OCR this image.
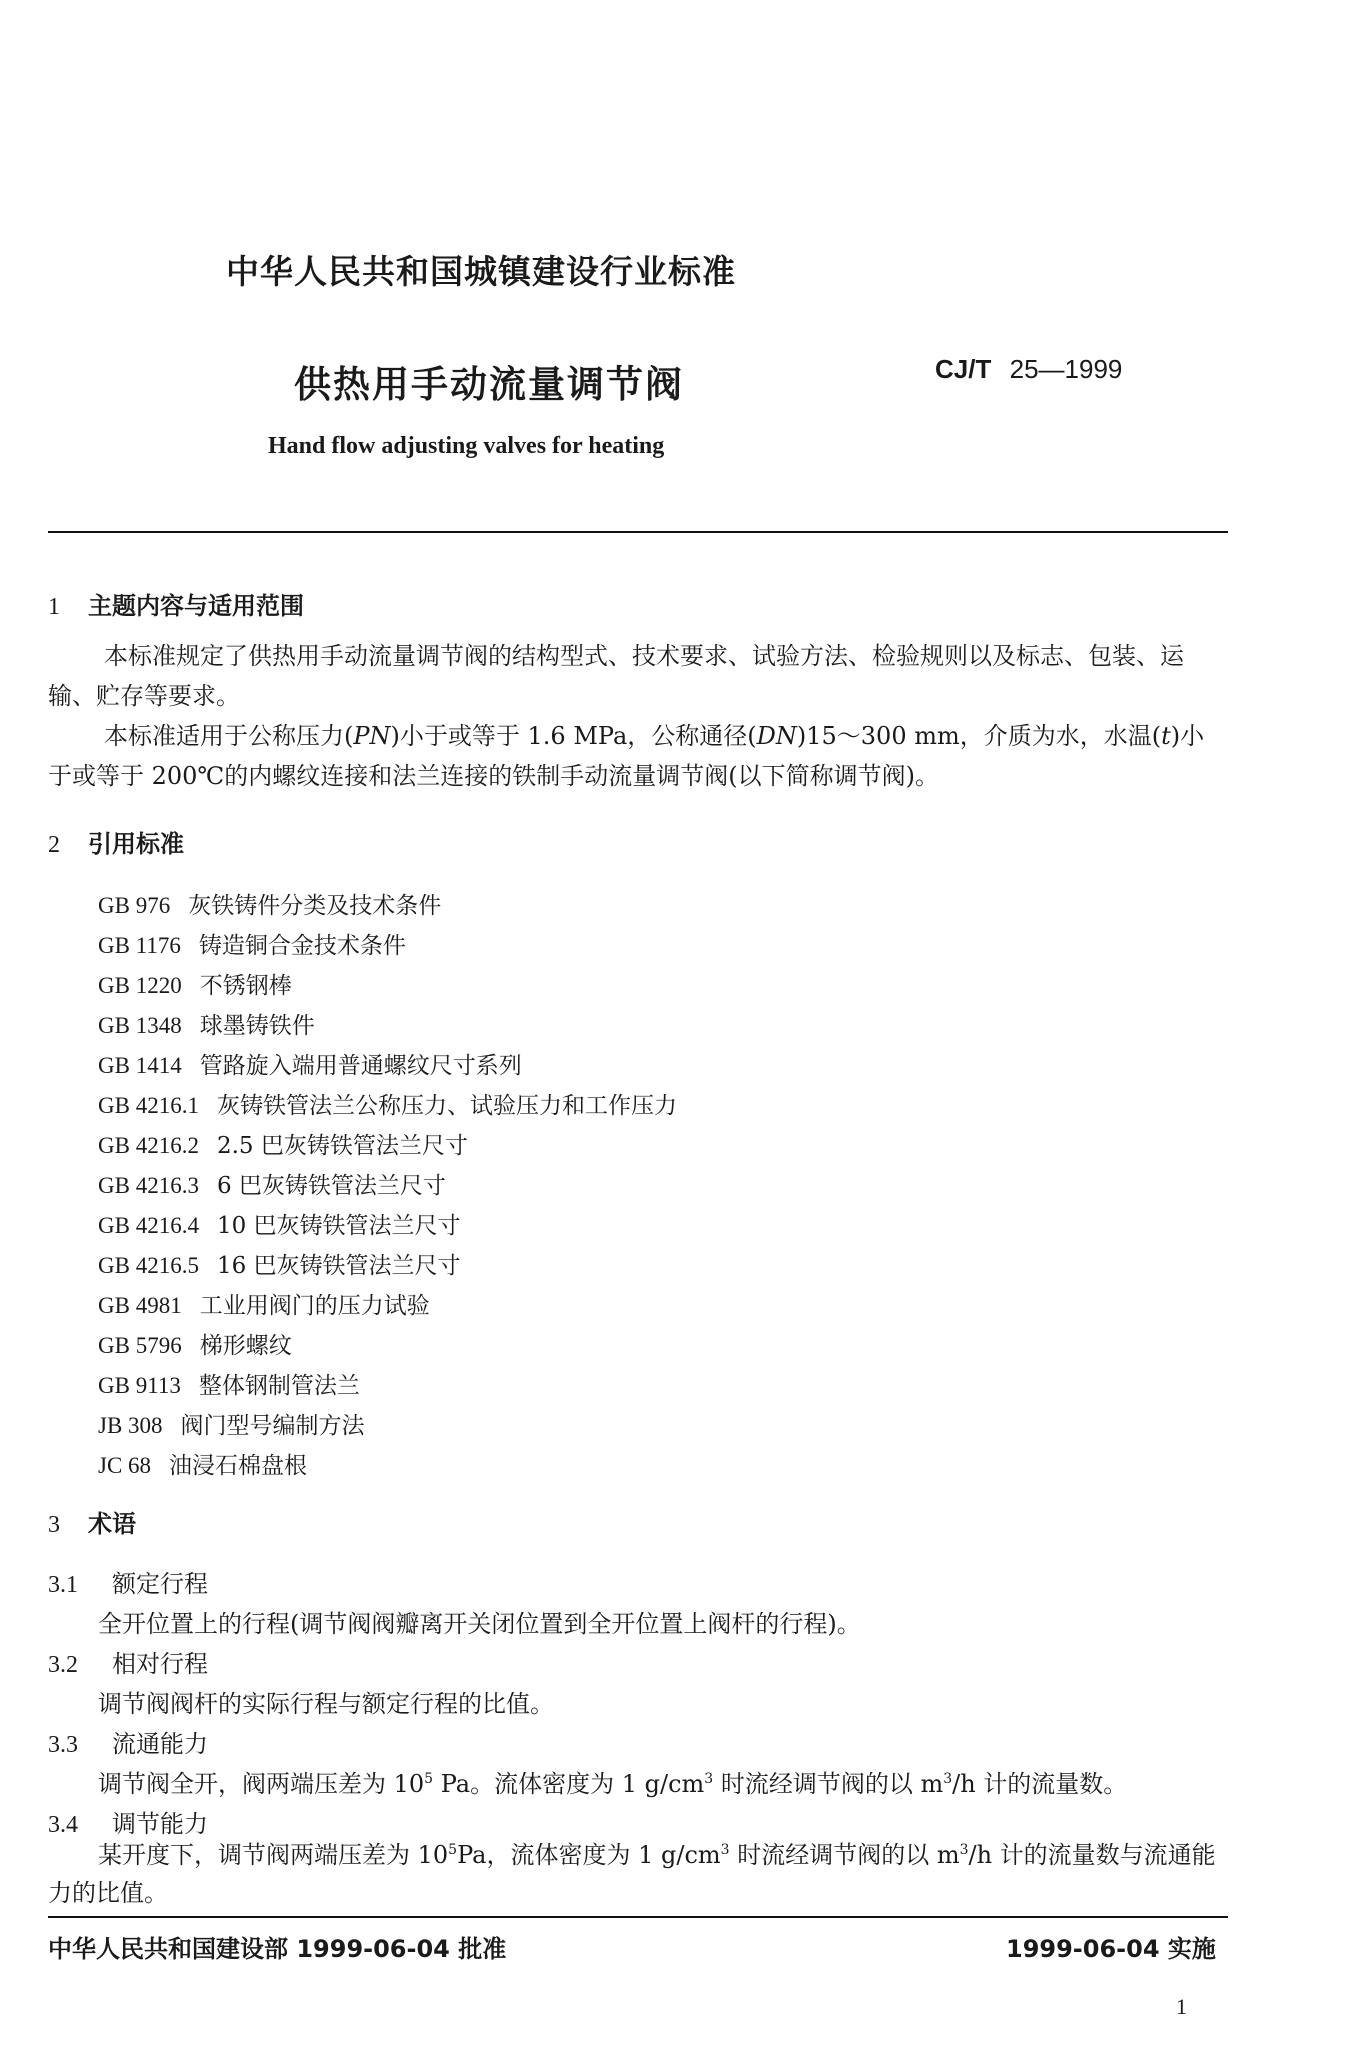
中华人民共和国城镇建设行业标准
供热用手动流量调节阀	CJ/T 25—1999
Hand flow adjusting valves for heating
1 主题内容与适用范围
本标准规定了供热用手动流量调节阀的结构型式、技术要求、试验方法、检验规则以及标志、包装、运输、贮存等要求。
本标准适用于公称压力(PN)小于或等于 1.6 MPa，公称通径(DN)15～300 mm，介质为水，水温(t)小于或等于 200℃的内螺纹连接和法兰连接的铁制手动流量调节阀(以下简称调节阀)。
2 引用标准
GB 976 灰铁铸件分类及技术条件
GB 1176 铸造铜合金技术条件
GB 1220 不锈钢棒
GB 1348 球墨铸铁件
GB 1414 管路旋入端用普通螺纹尺寸系列
GB 4216.1 灰铸铁管法兰公称压力、试验压力和工作压力
GB 4216.2 2.5 巴灰铸铁管法兰尺寸
GB 4216.3 6 巴灰铸铁管法兰尺寸
GB 4216.4 10 巴灰铸铁管法兰尺寸
GB 4216.5 16 巴灰铸铁管法兰尺寸
GB 4981 工业用阀门的压力试验
GB 5796 梯形螺纹
GB 9113 整体钢制管法兰
JB 308 阀门型号编制方法
JC 68 油浸石棉盘根
3 术语
3.1 额定行程
全开位置上的行程(调节阀阀瓣离开关闭位置到全开位置上阀杆的行程)。
3.2 相对行程
调节阀阀杆的实际行程与额定行程的比值。
3.3 流通能力
调节阀全开，阀两端压差为 $10^5$ Pa。流体密度为 1 $g/cm^3$ 时流经调节阀的以 $m^3/h$ 计的流量数。
3.4 调节能力
某开度下，调节阀两端压差为 $10^5Pa$，流体密度为 1 $g/cm^3$ 时流经调节阀的以 $m^3/h$ 计的流量数与流通能力的比值。
中华人民共和国建设部 1999-06-04 批准	1999-06-04 实施
1
